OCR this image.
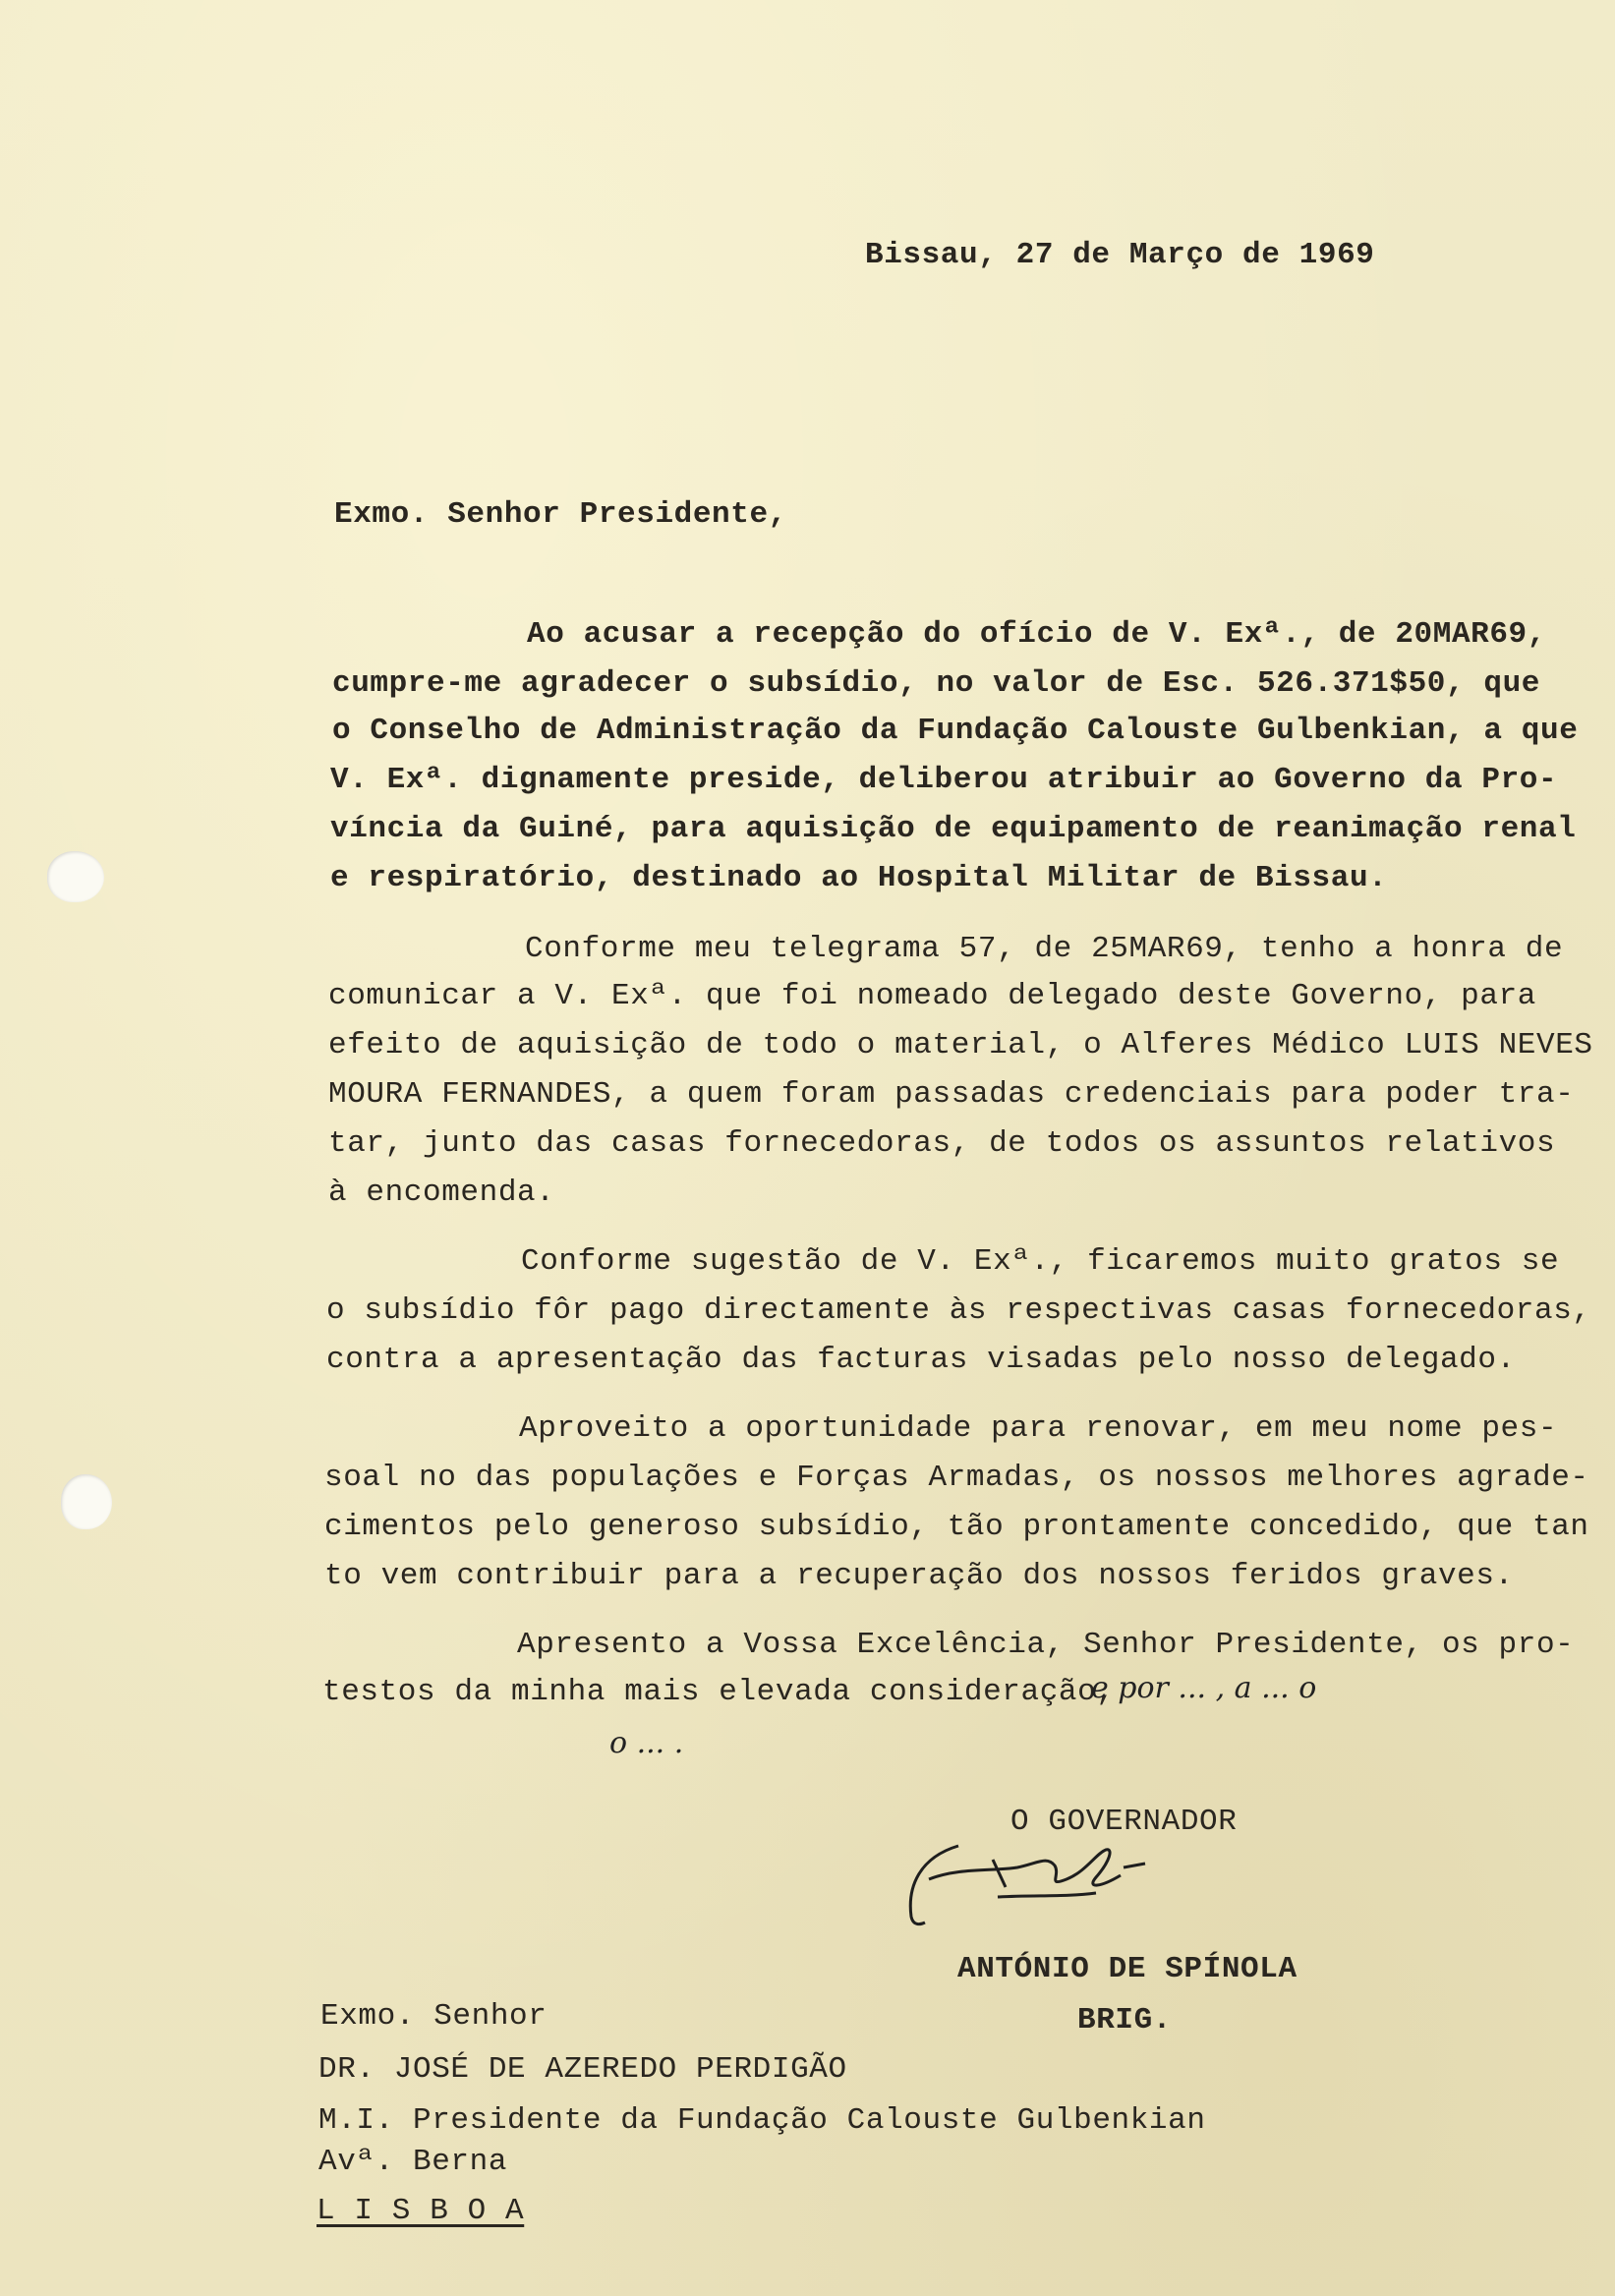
Bissau, 27 de Março de 1969
Exmo. Senhor Presidente,
Ao acusar a recepção do ofício de V. Exª., de 20MAR69,
cumpre-me agradecer o subsídio, no valor de Esc. 526.371$50, que
o Conselho de Administração da Fundação Calouste Gulbenkian, a que
V. Exª. dignamente preside, deliberou atribuir ao Governo da Pro-
víncia da Guiné, para aquisição de equipamento de reanimação renal
e respiratório, destinado ao Hospital Militar de Bissau.
Conforme meu telegrama 57, de 25MAR69, tenho a honra de
comunicar a V. Exª. que foi nomeado delegado deste Governo, para
efeito de aquisição de todo o material, o Alferes Médico LUIS NEVES
MOURA FERNANDES, a quem foram passadas credenciais para poder tra-
tar, junto das casas fornecedoras, de todos os assuntos relativos
à encomenda.
Conforme sugestão de V. Exª., ficaremos muito gratos se
o subsídio fôr pago directamente às respectivas casas fornecedoras,
contra a apresentação das facturas visadas pelo nosso delegado.
Aproveito a oportunidade para renovar, em meu nome pes-
soal no das populações e Forças Armadas, os nossos melhores agrade-
cimentos pelo generoso subsídio, tão prontamente concedido, que tan
to vem contribuir para a recuperação dos nossos feridos graves.
Apresento a Vossa Excelência, Senhor Presidente, os pro-
testos da minha mais elevada consideração,
e por ... , a ... o
o ... .
O GOVERNADOR
ANTÓNIO DE SPÍNOLA
BRIG.
Exmo. Senhor
DR. JOSÉ DE AZEREDO PERDIGÃO
M.I. Presidente da Fundação Calouste Gulbenkian
Avª. Berna
L I S B O A
